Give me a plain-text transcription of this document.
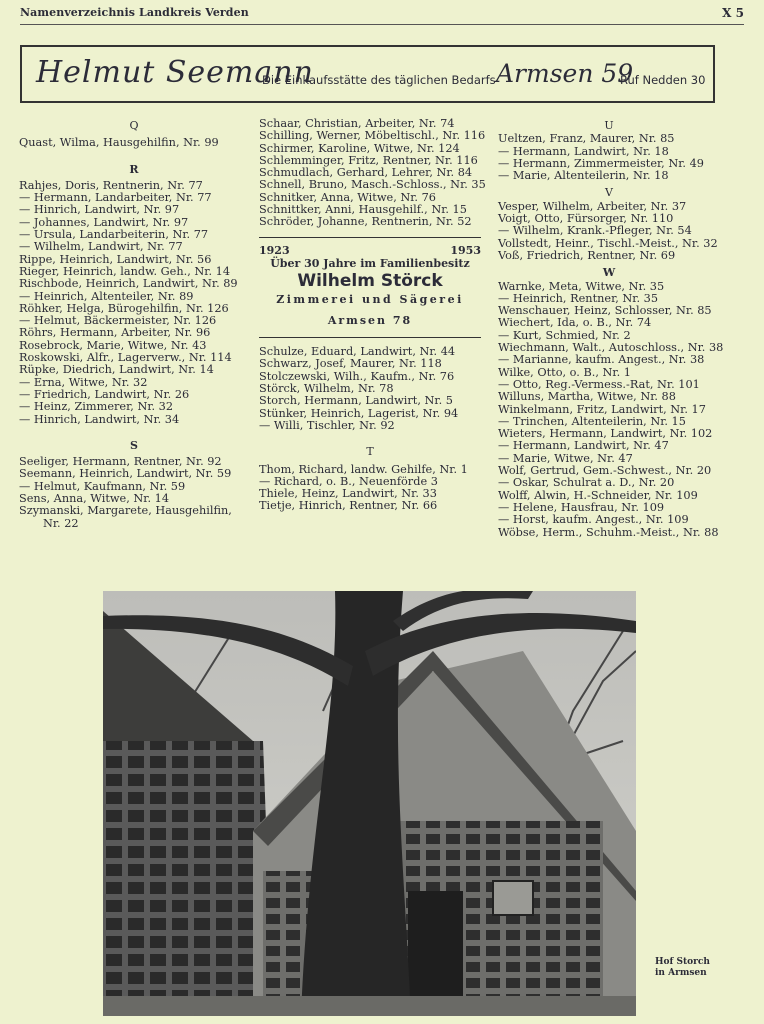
Namenverzeichnis Landkreis Verden	X 5
Helmut Seemann
Die Einkaufsstätte des täglichen Bedarfs Armsen 59
Ruf Nedden 30
Q
Quast, Wilma, Hausgehilfin, Nr. 99
R
Rahjes, Doris, Rentnerin, Nr. 77
— Hermann, Landarbeiter, Nr. 77
— Hinrich, Landwirt, Nr. 97
— Johannes, Landwirt, Nr. 97
— Ursula, Landarbeiterin, Nr. 77
— Wilhelm, Landwirt, Nr. 77
Rippe, Heinrich, Landwirt, Nr. 56
Rieger, Heinrich, landw. Geh., Nr. 14
Rischbode, Heinrich, Landwirt, Nr. 89
— Heinrich, Altenteiler, Nr. 89
Röhker, Helga, Bürogehilfin, Nr. 126
— Helmut, Bäckermeister, Nr. 126
Röhrs, Hermann, Arbeiter, Nr. 96
Rosebrock, Marie, Witwe, Nr. 43
Roskowski, Alfr., Lagerverw., Nr. 114
Rüpke, Diedrich, Landwirt, Nr. 14
— Erna, Witwe, Nr. 32
— Friedrich, Landwirt, Nr. 26
— Heinz, Zimmerer, Nr. 32
— Hinrich, Landwirt, Nr. 34
S
Seeliger, Hermann, Rentner, Nr. 92
Seemann, Heinrich, Landwirt, Nr. 59
— Helmut, Kaufmann, Nr. 59
Sens, Anna, Witwe, Nr. 14
Szymanski, Margarete, Hausgehilfin,
Nr. 22
Schaar, Christian, Arbeiter, Nr. 74
Schilling, Werner, Möbeltischl., Nr. 116
Schirmer, Karoline, Witwe, Nr. 124
Schlemminger, Fritz, Rentner, Nr. 116
Schmudlach, Gerhard, Lehrer, Nr. 84
Schnell, Bruno, Masch.-Schloss., Nr. 35
Schnitker, Anna, Witwe, Nr. 76
Schnittker, Anni, Hausgehilf., Nr. 15
Schröder, Johanne, Rentnerin, Nr. 52
1923	1953
Über 30 Jahre im Familienbesitz
Wilhelm Störck
Zimmerei und Sägerei
Armsen 78
Schulze, Eduard, Landwirt, Nr. 44
Schwarz, Josef, Maurer, Nr. 118
Stolczewski, Wilh., Kaufm., Nr. 76
Störck, Wilhelm, Nr. 78
Storch, Hermann, Landwirt, Nr. 5
Stünker, Heinrich, Lagerist, Nr. 94
— Willi, Tischler, Nr. 92
T
Thom, Richard, landw. Gehilfe, Nr. 1
— Richard, o. B., Neuenförde 3
Thiele, Heinz, Landwirt, Nr. 33
Tietje, Hinrich, Rentner, Nr. 66
U
Ueltzen, Franz, Maurer, Nr. 85
— Hermann, Landwirt, Nr. 18
— Hermann, Zimmermeister, Nr. 49
— Marie, Altenteilerin, Nr. 18
V
Vesper, Wilhelm, Arbeiter, Nr. 37
Voigt, Otto, Fürsorger, Nr. 110
— Wilhelm, Krank.-Pfleger, Nr. 54
Vollstedt, Heinr., Tischl.-Meist., Nr. 32
Voß, Friedrich, Rentner, Nr. 69
W
Warnke, Meta, Witwe, Nr. 35
— Heinrich, Rentner, Nr. 35
Wenschauer, Heinz, Schlosser, Nr. 85
Wiechert, Ida, o. B., Nr. 74
— Kurt, Schmied, Nr. 2
Wiechmann, Walt., Autoschloss., Nr. 38
— Marianne, kaufm. Angest., Nr. 38
Wilke, Otto, o. B., Nr. 1
— Otto, Reg.-Vermess.-Rat, Nr. 101
Willuns, Martha, Witwe, Nr. 88
Winkelmann, Fritz, Landwirt, Nr. 17
— Trinchen, Altenteilerin, Nr. 15
Wieters, Hermann, Landwirt, Nr. 102
— Hermann, Landwirt, Nr. 47
— Marie, Witwe, Nr. 47
Wolf, Gertrud, Gem.-Schwest., Nr. 20
— Oskar, Schulrat a. D., Nr. 20
Wolff, Alwin, H.-Schneider, Nr. 109
— Helene, Hausfrau, Nr. 109
— Horst, kaufm. Angest., Nr. 109
Wöbse, Herm., Schuhm.-Meist., Nr. 88
Hof Storch
in Armsen
